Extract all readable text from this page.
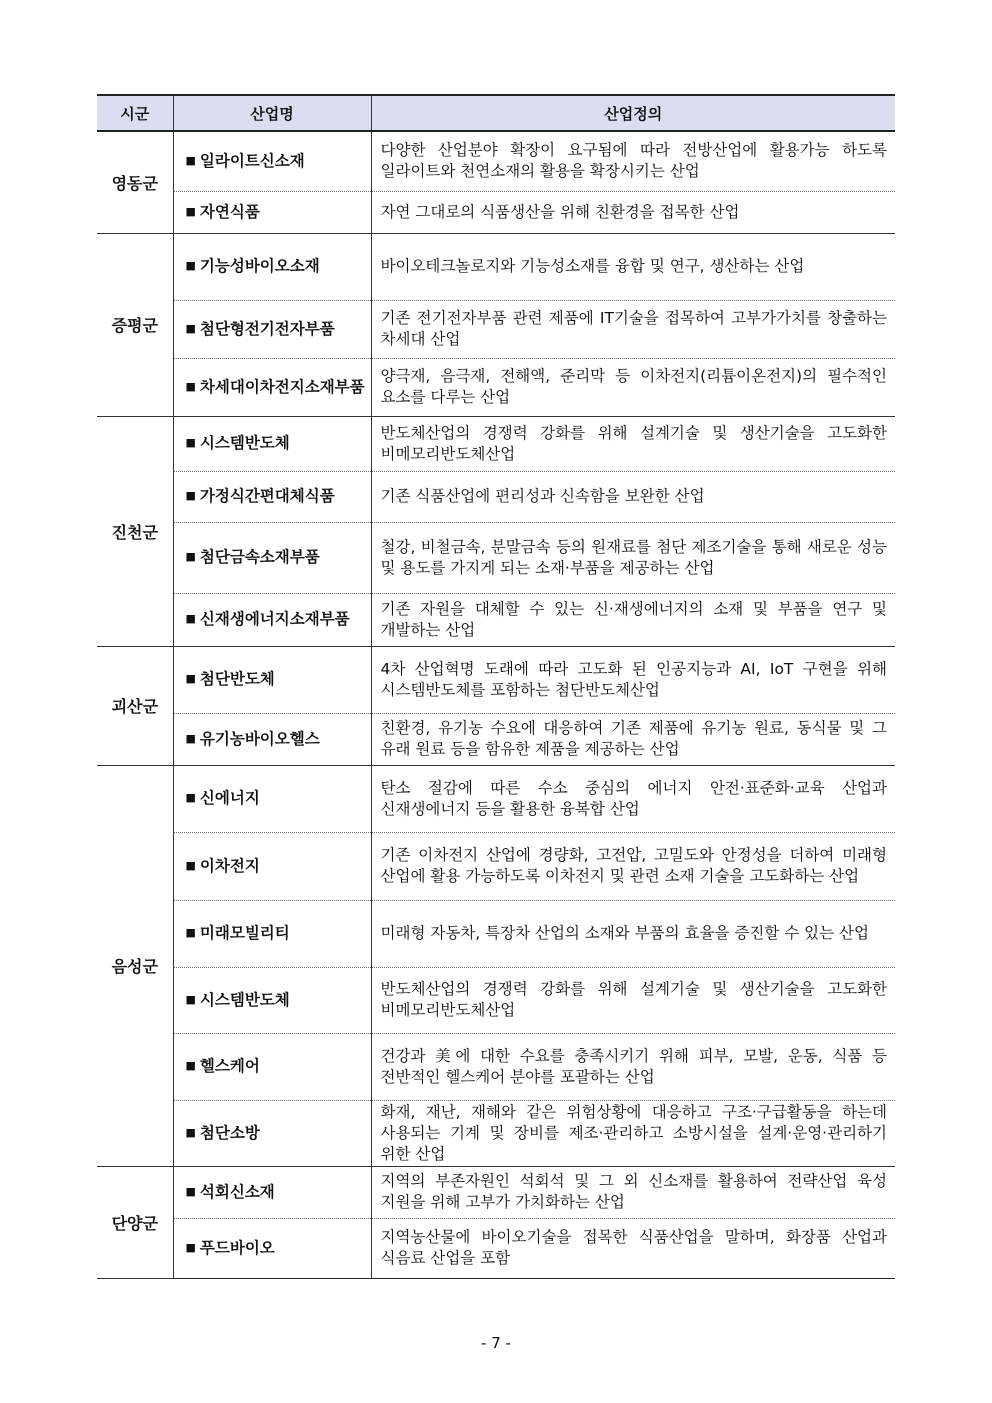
시군	산업명	산업정의
영동군	■ 일라이트신소재	다양한 산업분야 확장이 요구됨에 따라 전방산업에 활용가능 하도록 일라이트와 천연소재의 활용을 확장시키는 산업

	■ 자연식품	자연 그대로의 식품생산을 위해 친환경을 접목한 산업
증평군	■ 기능성바이오소재	바이오테크놀로지와 기능성소재를 융합 및 연구, 생산하는 산업

	■ 첨단형전기전자부품	기존 전기전자부품 관련 제품에 IT기술을 접목하여 고부가가치를 창출하는 차세대 산업

	■ 차세대이차전지소재부품	양극재, 음극재, 전해액, 준리막 등 이차전지(리튬이온전지)의 필수적인 요소를 다루는 산업
진천군	■ 시스템반도체	반도체산업의 경쟁력 강화를 위해 설계기술 및 생산기술을 고도화한 비메모리반도체산업

	■ 가정식간편대체식품	기존 식품산업에 편리성과 신속함을 보완한 산업

	■ 첨단금속소재부품	철강, 비철금속, 분말금속 등의 원재료를 첨단 제조기술을 통해 새로운 성능 및 용도를 가지게 되는 소재·부품을 제공하는 산업

	■ 신재생에너지소재부품	기존 자원을 대체할 수 있는 신·재생에너지의 소재 및 부품을 연구 및 개발하는 산업
괴산군	■ 첨단반도체	4차 산업혁명 도래에 따라 고도화 된 인공지능과 AI, IoT 구현을 위해 시스템반도체를 포함하는 첨단반도체산업

	■ 유기농바이오헬스	친환경, 유기농 수요에 대응하여 기존 제품에 유기농 원료, 동식물 및 그 유래 원료 등을 함유한 제품을 제공하는 산업
음성군	■ 신에너지	탄소 절감에 따른 수소 중심의 에너지 안전·표준화·교육 산업과 신재생에너지 등을 활용한 융복합 산업

	■ 이차전지	기존 이차전지 산업에 경량화, 고전압, 고밀도와 안정성을 더하여 미래형 산업에 활용 가능하도록 이차전지 및 관련 소재 기술을 고도화하는 산업

	■ 미래모빌리티	미래형 자동차, 특장차 산업의 소재와 부품의 효율을 증진할 수 있는 산업

	■ 시스템반도체	반도체산업의 경쟁력 강화를 위해 설계기술 및 생산기술을 고도화한 비메모리반도체산업

	■ 헬스케어	건강과 美에 대한 수요를 충족시키기 위해 피부, 모발, 운동, 식품 등 전반적인 헬스케어 분야를 포괄하는 산업

	■ 첨단소방	화재, 재난, 재해와 같은 위험상황에 대응하고 구조·구급활동을 하는데 사용되는 기계 및 장비를 제조·관리하고 소방시설을 설계·운영·관리하기 위한 산업
단양군	■ 석회신소재	지역의 부존자원인 석회석 및 그 외 신소재를 활용하여 전략산업 육성 지원을 위해 고부가 가치화하는 산업

	■ 푸드바이오	지역농산물에 바이오기술을 접목한 식품산업을 말하며, 화장품 산업과 식음료 산업을 포함
- 7 -
